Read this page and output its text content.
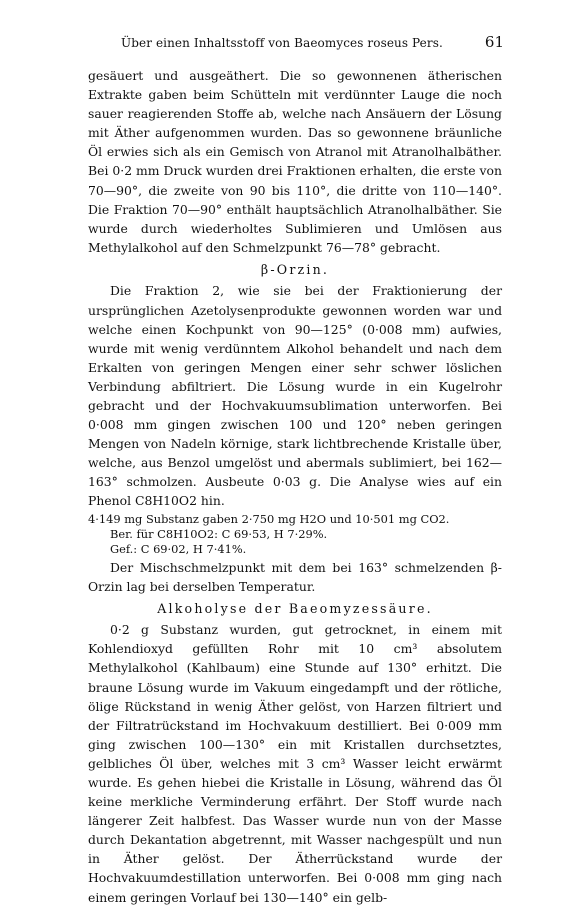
Über einen Inhaltsstoff von Baeomyces roseus Pers.	61

gesäuert und ausgeäthert. Die so gewonnenen ätherischen Extrakte gaben beim Schütteln mit verdünnter Lauge die noch sauer reagierenden Stoffe ab, welche nach Ansäuern der Lösung mit Äther aufgenommen wurden. Das so gewonnene bräunliche Öl erwies sich als ein Gemisch von Atranol mit Atranolhalbäther. Bei 0·2 mm Druck wurden drei Fraktionen erhalten, die erste von 70—90°, die zweite von 90 bis 110°, die dritte von 110—140°. Die Fraktion 70—90° enthält hauptsächlich Atranolhalbäther. Sie wurde durch wiederholtes Sublimieren und Umlösen aus Methylalkohol auf den Schmelzpunkt 76—78° gebracht.

β-Orzin.

Die Fraktion 2, wie sie bei der Fraktionierung der ursprünglichen Azetolysenprodukte gewonnen worden war und welche einen Kochpunkt von 90—125° (0·008 mm) aufwies, wurde mit wenig verdünntem Alkohol behandelt und nach dem Erkalten von geringen Mengen einer sehr schwer löslichen Verbindung abfiltriert. Die Lösung wurde in ein Kugelrohr gebracht und der Hochvakuumsublimation unterworfen. Bei 0·008 mm gingen zwischen 100 und 120° neben geringen Mengen von Nadeln körnige, stark lichtbrechende Kristalle über, welche, aus Benzol umgelöst und abermals sublimiert, bei 162—163° schmolzen. Ausbeute 0·03 g. Die Analyse wies auf ein Phenol C8H10O2 hin.

4·149 mg Substanz gaben 2·750 mg H2O und 10·501 mg CO2.
Ber. für C8H10O2: C 69·53, H 7·29%.
Gef.: C 69·02, H 7·41%.

Der Mischschmelzpunkt mit dem bei 163° schmelzenden β-Orzin lag bei derselben Temperatur.

Alkoholyse der Baeomyzessäure.

0·2 g Substanz wurden, gut getrocknet, in einem mit Kohlendioxyd gefüllten Rohr mit 10 cm³ absolutem Methylalkohol (Kahlbaum) eine Stunde auf 130° erhitzt. Die braune Lösung wurde im Vakuum eingedampft und der rötliche, ölige Rückstand in wenig Äther gelöst, von Harzen filtriert und der Filtratrückstand im Hochvakuum destilliert. Bei 0·009 mm ging zwischen 100—130° ein mit Kristallen durchsetztes, gelbliches Öl über, welches mit 3 cm³ Wasser leicht erwärmt wurde. Es gehen hiebei die Kristalle in Lösung, während das Öl keine merkliche Verminderung erfährt. Der Stoff wurde nach längerer Zeit halbfest. Das Wasser wurde nun von der Masse durch Dekantation abgetrennt, mit Wasser nachgespült und nun in Äther gelöst. Der Ätherrückstand wurde der Hochvakuumdestillation unterworfen. Bei 0·008 mm ging nach einem geringen Vorlauf bei 130—140° ein gelb-
